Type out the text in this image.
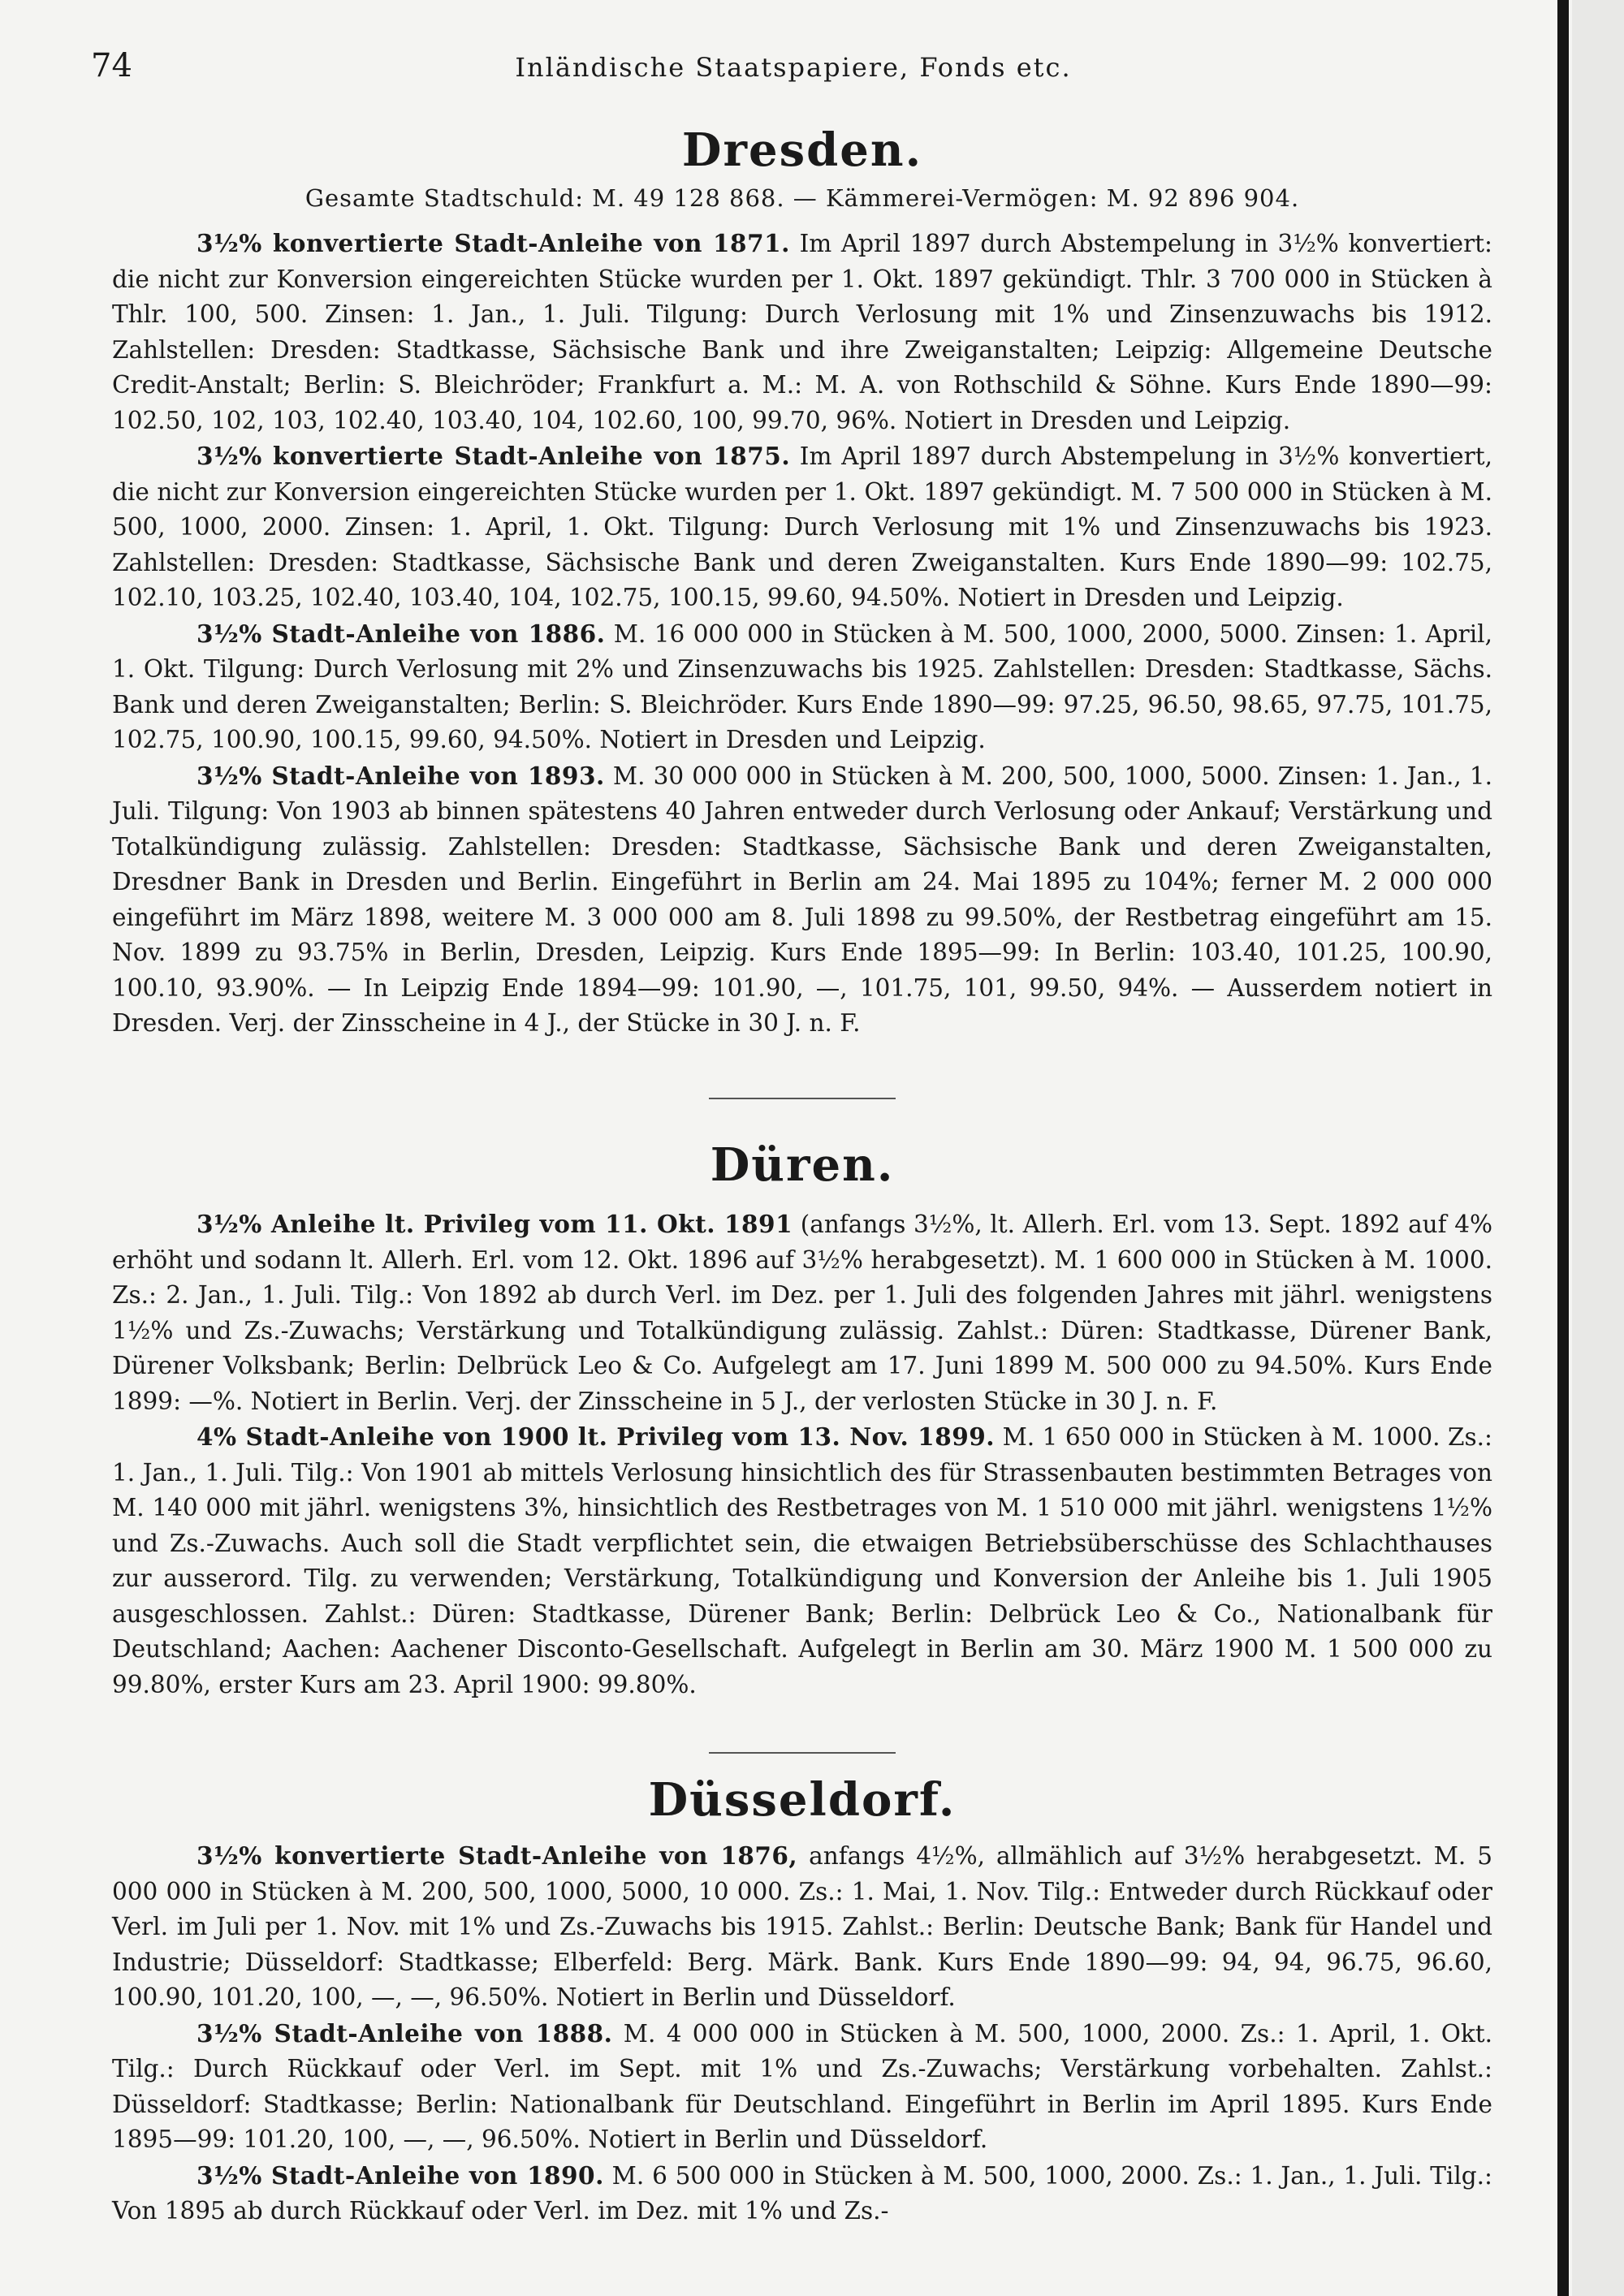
74	Inländische Staatspapiere, Fonds etc.
Dresden.
Gesamte Stadtschuld: M. 49 128 868. — Kämmerei-Vermögen: M. 92 896 904.

3½% konvertierte Stadt-Anleihe von 1871. Im April 1897 durch Abstempelung in 3½% konvertiert: die nicht zur Konversion eingereichten Stücke wurden per 1. Okt. 1897 gekündigt. Thlr. 3 700 000 in Stücken à Thlr. 100, 500. Zinsen: 1. Jan., 1. Juli. Tilgung: Durch Verlosung mit 1% und Zinsenzuwachs bis 1912. Zahlstellen: Dresden: Stadtkasse, Sächsische Bank und ihre Zweiganstalten; Leipzig: Allgemeine Deutsche Credit-Anstalt; Berlin: S. Bleichröder; Frankfurt a. M.: M. A. von Rothschild & Söhne. Kurs Ende 1890—99: 102.50, 102, 103, 102.40, 103.40, 104, 102.60, 100, 99.70, 96%. Notiert in Dresden und Leipzig.

3½% konvertierte Stadt-Anleihe von 1875. Im April 1897 durch Abstempelung in 3½% konvertiert, die nicht zur Konversion eingereichten Stücke wurden per 1. Okt. 1897 gekündigt. M. 7 500 000 in Stücken à M. 500, 1000, 2000. Zinsen: 1. April, 1. Okt. Tilgung: Durch Verlosung mit 1% und Zinsenzuwachs bis 1923. Zahlstellen: Dresden: Stadtkasse, Sächsische Bank und deren Zweiganstalten. Kurs Ende 1890—99: 102.75, 102.10, 103.25, 102.40, 103.40, 104, 102.75, 100.15, 99.60, 94.50%. Notiert in Dresden und Leipzig.

3½% Stadt-Anleihe von 1886. M. 16 000 000 in Stücken à M. 500, 1000, 2000, 5000. Zinsen: 1. April, 1. Okt. Tilgung: Durch Verlosung mit 2% und Zinsenzuwachs bis 1925. Zahlstellen: Dresden: Stadtkasse, Sächs. Bank und deren Zweiganstalten; Berlin: S. Bleichröder. Kurs Ende 1890—99: 97.25, 96.50, 98.65, 97.75, 101.75, 102.75, 100.90, 100.15, 99.60, 94.50%. Notiert in Dresden und Leipzig.

3½% Stadt-Anleihe von 1893. M. 30 000 000 in Stücken à M. 200, 500, 1000, 5000. Zinsen: 1. Jan., 1. Juli. Tilgung: Von 1903 ab binnen spätestens 40 Jahren entweder durch Verlosung oder Ankauf; Verstärkung und Totalkündigung zulässig. Zahlstellen: Dresden: Stadtkasse, Sächsische Bank und deren Zweiganstalten, Dresdner Bank in Dresden und Berlin. Eingeführt in Berlin am 24. Mai 1895 zu 104%; ferner M. 2 000 000 eingeführt im März 1898, weitere M. 3 000 000 am 8. Juli 1898 zu 99.50%, der Restbetrag eingeführt am 15. Nov. 1899 zu 93.75% in Berlin, Dresden, Leipzig. Kurs Ende 1895—99: In Berlin: 103.40, 101.25, 100.90, 100.10, 93.90%. — In Leipzig Ende 1894—99: 101.90, —, 101.75, 101, 99.50, 94%. — Ausserdem notiert in Dresden. Verj. der Zinsscheine in 4 J., der Stücke in 30 J. n. F.

Düren.

3½% Anleihe lt. Privileg vom 11. Okt. 1891 (anfangs 3½%, lt. Allerh. Erl. vom 13. Sept. 1892 auf 4% erhöht und sodann lt. Allerh. Erl. vom 12. Okt. 1896 auf 3½% herabgesetzt). M. 1 600 000 in Stücken à M. 1000. Zs.: 2. Jan., 1. Juli. Tilg.: Von 1892 ab durch Verl. im Dez. per 1. Juli des folgenden Jahres mit jährl. wenigstens 1½% und Zs.-Zuwachs; Verstärkung und Totalkündigung zulässig. Zahlst.: Düren: Stadtkasse, Dürener Bank, Dürener Volksbank; Berlin: Delbrück Leo & Co. Aufgelegt am 17. Juni 1899 M. 500 000 zu 94.50%. Kurs Ende 1899: —%. Notiert in Berlin. Verj. der Zinsscheine in 5 J., der verlosten Stücke in 30 J. n. F.

4% Stadt-Anleihe von 1900 lt. Privileg vom 13. Nov. 1899. M. 1 650 000 in Stücken à M. 1000. Zs.: 1. Jan., 1. Juli. Tilg.: Von 1901 ab mittels Verlosung hinsichtlich des für Strassenbauten bestimmten Betrages von M. 140 000 mit jährl. wenigstens 3%, hinsichtlich des Restbetrages von M. 1 510 000 mit jährl. wenigstens 1½% und Zs.-Zuwachs. Auch soll die Stadt verpflichtet sein, die etwaigen Betriebsüberschüsse des Schlachthauses zur ausserord. Tilg. zu verwenden; Verstärkung, Totalkündigung und Konversion der Anleihe bis 1. Juli 1905 ausgeschlossen. Zahlst.: Düren: Stadtkasse, Dürener Bank; Berlin: Delbrück Leo & Co., Nationalbank für Deutschland; Aachen: Aachener Disconto-Gesellschaft. Aufgelegt in Berlin am 30. März 1900 M. 1 500 000 zu 99.80%, erster Kurs am 23. April 1900: 99.80%.

Düsseldorf.

3½% konvertierte Stadt-Anleihe von 1876, anfangs 4½%, allmählich auf 3½% herabgesetzt. M. 5 000 000 in Stücken à M. 200, 500, 1000, 5000, 10 000. Zs.: 1. Mai, 1. Nov. Tilg.: Entweder durch Rückkauf oder Verl. im Juli per 1. Nov. mit 1% und Zs.-Zuwachs bis 1915. Zahlst.: Berlin: Deutsche Bank; Bank für Handel und Industrie; Düsseldorf: Stadtkasse; Elberfeld: Berg. Märk. Bank. Kurs Ende 1890—99: 94, 94, 96.75, 96.60, 100.90, 101.20, 100, —, —, 96.50%. Notiert in Berlin und Düsseldorf.

3½% Stadt-Anleihe von 1888. M. 4 000 000 in Stücken à M. 500, 1000, 2000. Zs.: 1. April, 1. Okt. Tilg.: Durch Rückkauf oder Verl. im Sept. mit 1% und Zs.-Zuwachs; Verstärkung vorbehalten. Zahlst.: Düsseldorf: Stadtkasse; Berlin: Nationalbank für Deutschland. Eingeführt in Berlin im April 1895. Kurs Ende 1895—99: 101.20, 100, —, —, 96.50%. Notiert in Berlin und Düsseldorf.

3½% Stadt-Anleihe von 1890. M. 6 500 000 in Stücken à M. 500, 1000, 2000. Zs.: 1. Jan., 1. Juli. Tilg.: Von 1895 ab durch Rückkauf oder Verl. im Dez. mit 1% und Zs.-
